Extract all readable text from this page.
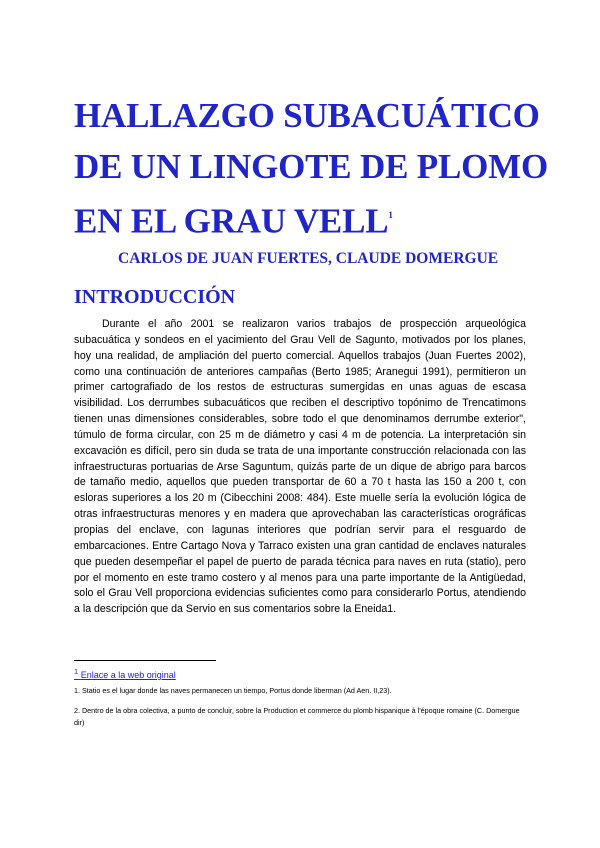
HALLAZGO SUBACUÁTICO
DE UN LINGOTE DE PLOMO
EN EL GRAU VELL$^1$
CARLOS DE JUAN FUERTES, CLAUDE DOMERGUE
INTRODUCCIÓN

Durante el año 2001 se realizaron varios trabajos de prospección arqueológica subacuática y sondeos en el yacimiento del Grau Vell de Sagunto, motivados por los planes, hoy una realidad, de ampliación del puerto comercial. Aquellos trabajos (Juan Fuertes 2002), como una continuación de anteriores campañas (Berto 1985; Aranegui 1991), permitieron un primer cartografiado de los restos de estructuras sumergidas en unas aguas de escasa visibilidad. Los derrumbes subacuáticos que reciben el descriptivo topónimo de Trencatimons tienen unas dimensiones considerables, sobre todo el que denominamos derrumbe exterior", túmulo de forma circular, con 25 m de diámetro y casi 4 m de potencia. La interpretación sin excavación es difícil, pero sin duda se trata de una importante construcción relacionada con las infraestructuras portuarias de Arse Saguntum, quizás parte de un dique de abrigo para barcos de tamaño medio, aquellos que pueden transportar de 60 a 70 t hasta las 150 a 200 t, con esloras superiores a los 20 m (Cibecchini 2008: 484). Este muelle sería la evolución lógica de otras infraestructuras menores y en madera que aprovechaban las características orográficas propias del enclave, con lagunas interiores que podrían servir para el resguardo de embarcaciones. Entre Cartago Nova y Tarraco existen una gran cantidad de enclaves naturales que pueden desempeñar el papel de puerto de parada técnica para naves en ruta (statio), pero por el momento en este tramo costero y al menos para una parte importante de la Antigüedad, solo el Grau Vell proporciona evidencias suficientes como para considerarlo Portus, atendiendo a la descripción que da Servio en sus comentarios sobre la Eneida1.

$^1$ Enlace a la web original
1. Statio es el lugar donde las naves permanecen un tiempo, Portus donde liberman (Ad Aen. II,23).
2. Dentro de la obra colectiva, a punto de concluir, sobre la Production et commerce du plomb hispanique à l'époque romaine (C. Domergue dir)
